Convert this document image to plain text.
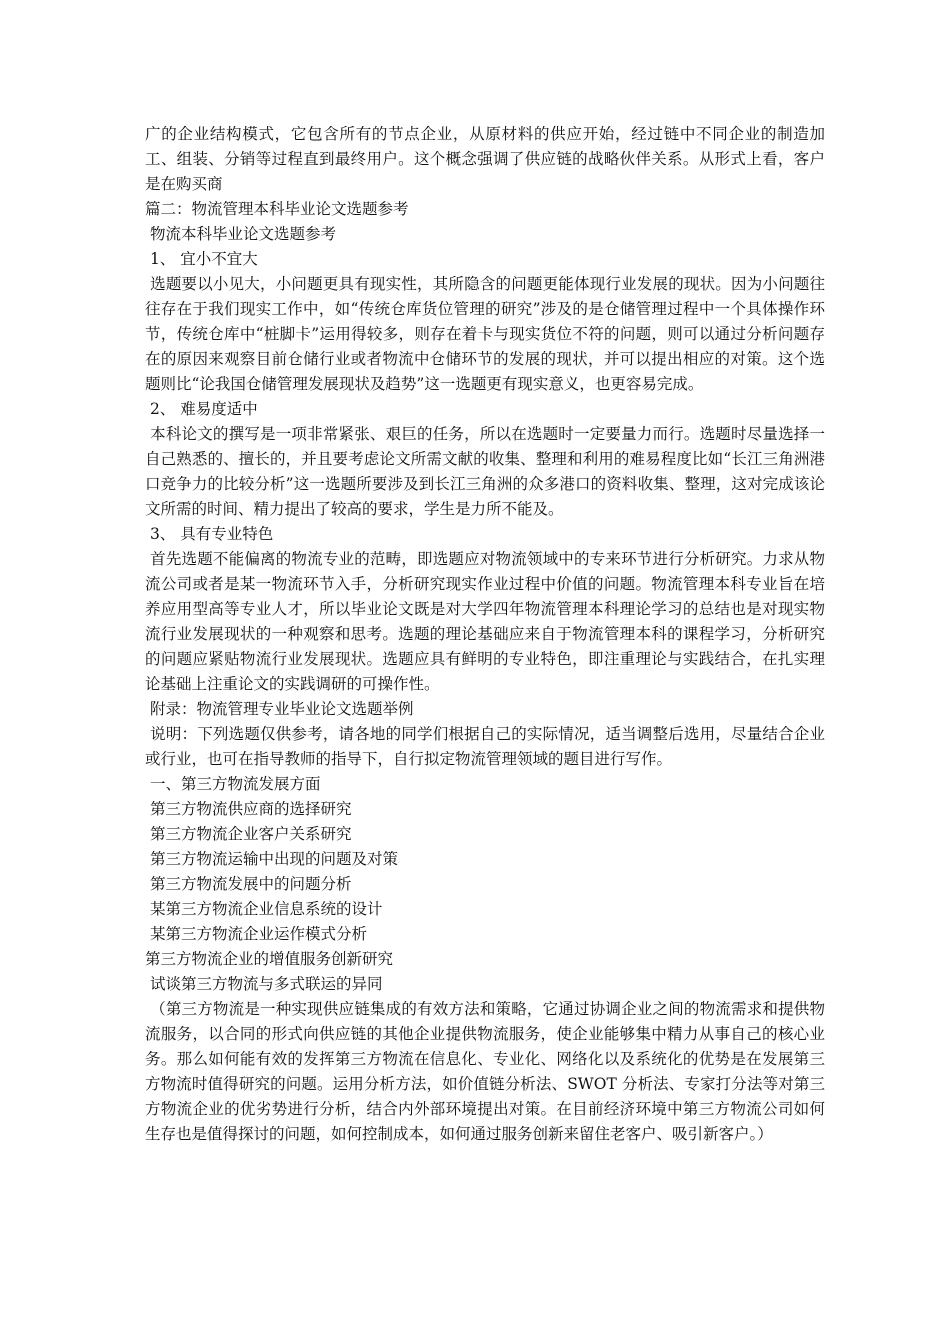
广的企业结构模式，它包含所有的节点企业，从原材料的供应开始，经过链中不同企业的制造加工、组装、分销等过程直到最终用户。这个概念强调了供应链的战略伙伴关系。从形式上看，客户是在购买商

篇二：物流管理本科毕业论文选题参考

物流本科毕业论文选题参考

1、 宜小不宜大

选题要以小见大，小问题更具有现实性，其所隐含的问题更能体现行业发展的现状。因为小问题往往存在于我们现实工作中，如“传统仓库货位管理的研究”涉及的是仓储管理过程中一个具体操作环节，传统仓库中“桩脚卡”运用得较多，则存在着卡与现实货位不符的问题，则可以通过分析问题存在的原因来观察目前仓储行业或者物流中仓储环节的发展的现状，并可以提出相应的对策。这个选题则比“论我国仓储管理发展现状及趋势”这一选题更有现实意义，也更容易完成。

2、 难易度适中

本科论文的撰写是一项非常紧张、艰巨的任务，所以在选题时一定要量力而行。选题时尽量选择一自己熟悉的、擅长的，并且要考虑论文所需文献的收集、整理和利用的难易程度比如“长江三角洲港口竞争力的比较分析”这一选题所要涉及到长江三角洲的众多港口的资料收集、整理，这对完成该论文所需的时间、精力提出了较高的要求，学生是力所不能及。

3、 具有专业特色

首先选题不能偏离的物流专业的范畴，即选题应对物流领域中的专来环节进行分析研究。力求从物流公司或者是某一物流环节入手，分析研究现实作业过程中价值的问题。物流管理本科专业旨在培养应用型高等专业人才，所以毕业论文既是对大学四年物流管理本科理论学习的总结也是对现实物流行业发展现状的一种观察和思考。选题的理论基础应来自于物流管理本科的课程学习，分析研究的问题应紧贴物流行业发展现状。选题应具有鲜明的专业特色，即注重理论与实践结合，在扎实理论基础上注重论文的实践调研的可操作性。

附录：物流管理专业毕业论文选题举例

说明：下列选题仅供参考，请各地的同学们根据自己的实际情况，适当调整后选用，尽量结合企业或行业，也可在指导教师的指导下，自行拟定物流管理领域的题目进行写作。

一、第三方物流发展方面

第三方物流供应商的选择研究

第三方物流企业客户关系研究

第三方物流运输中出现的问题及对策

第三方物流发展中的问题分析

某第三方物流企业信息系统的设计

某第三方物流企业运作模式分析

第三方物流企业的增值服务创新研究

试谈第三方物流与多式联运的异同

（第三方物流是一种实现供应链集成的有效方法和策略，它通过协调企业之间的物流需求和提供物流服务，以合同的形式向供应链的其他企业提供物流服务，使企业能够集中精力从事自己的核心业务。那么如何能有效的发挥第三方物流在信息化、专业化、网络化以及系统化的优势是在发展第三方物流时值得研究的问题。运用分析方法，如价值链分析法、SWOT 分析法、专家打分法等对第三方物流企业的优劣势进行分析，结合内外部环境提出对策。在目前经济环境中第三方物流公司如何生存也是值得探讨的问题，如何控制成本，如何通过服务创新来留住老客户、吸引新客户。）
